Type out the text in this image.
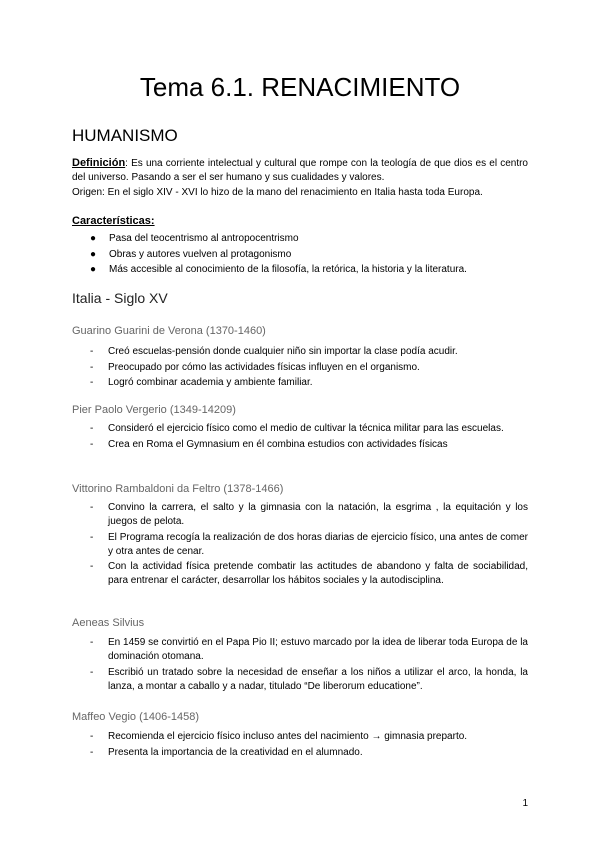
Tema 6.1. RENACIMIENTO
HUMANISMO

Definición: Es una corriente intelectual y cultural que rompe con la teología de que dios es el centro del universo. Pasando a ser el ser humano y sus cualidades y valores.

Origen: En el siglo XIV - XVI lo hizo de la mano del renacimiento en Italia hasta toda Europa.

Características:

● Pasa del teocentrismo al antropocentrismo
● Obras y autores vuelven al protagonismo
● Más accesible al conocimiento de la filosofía, la retórica, la historia y la literatura.
Italia - Siglo XV
Guarino Guarini de Verona (1370-1460)
- Creó escuelas-pensión donde cualquier niño sin importar la clase podía acudir.
- Preocupado por cómo las actividades físicas influyen en el organismo.
- Logró combinar academia y ambiente familiar.
Pier Paolo Vergerio (1349-14209)
- Consideró el ejercicio físico como el medio de cultivar la técnica militar para las escuelas.
- Crea en Roma el Gymnasium en él combina estudios con actividades físicas
Vittorino Rambaldoni da Feltro (1378-1466)
- Convino la carrera, el salto y la gimnasia con la natación, la esgrima , la equitación y los juegos de pelota.
- El Programa recogía la realización de dos horas diarias de ejercicio físico, una antes de comer y otra antes de cenar.
- Con la actividad física pretende combatir las actitudes de abandono y falta de sociabilidad, para entrenar el carácter, desarrollar los hábitos sociales y la autodisciplina.
Aeneas Silvius
- En 1459 se convirtió en el Papa Pio II; estuvo marcado por la idea de liberar toda Europa de la dominación otomana.
- Escribió un tratado sobre la necesidad de enseñar a los niños a utilizar el arco, la honda, la lanza, a montar a caballo y a nadar, titulado “De liberorum educatione”.
Maffeo Vegio (1406-1458)
- Recomienda el ejercicio físico incluso antes del nacimiento → gimnasia preparto.
- Presenta la importancia de la creatividad en el alumnado.
1
